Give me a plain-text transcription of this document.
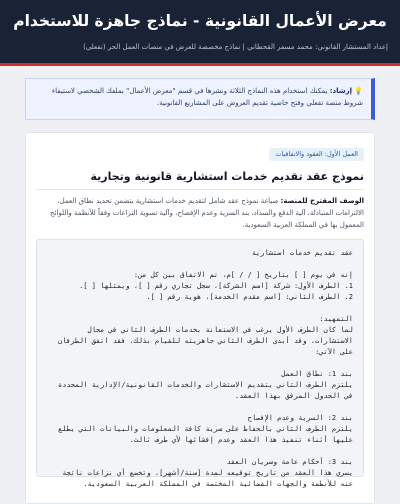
معرض الأعمال القانونية - نماذج جاهزة للاستخدام
إعداد المستشار القانوني: محمد مسفر القحطاني | نماذج مخصصة للعرض في منصات العمل الحر (تفعلي)
💡 إرشاد: يمكنك استخدام هذه النماذج الثلاثة ونشرها في قسم "معرض الأعمال" بملفك الشخصي لاستيفاء شروط منصة تفعلي وفتح خاصية تقديم العروض على المشاريع القانونية.
العمل الأول: العقود والاتفاقيات
نموذج عقد تقديم خدمات استشارية قانونية وتجارية
الوصف المقترح للمنصة: صياغة نموذج عقد شامل لتقديم خدمات استشارية يتضمن تحديد نطاق العمل، الالتزامات المتبادلة، آلية الدفع والسداد، بند السرية وعدم الإفصاح، وآلية تسوية النزاعات وفقاً للأنظمة واللوائح المعمول بها في المملكة العربية السعودية.
عقد تقديم خدمات استشارية

إنه في يوم [ ] بتاريخ [ / / ]م، تم الاتفاق بين كل من:
1. الطرف الأول: شركة [اسم الشركة]، سجل تجاري رقم [ ]، ويمثلها [ ].
2. الطرف الثاني: [اسم مقدم الخدمة]، هوية رقم [ ].

التمهيد:
لما كان الطرف الأول يرغب في الاستعانة بخدمات الطرف الثاني في مجال الاستشارات، وقد أبدى الطرف الثاني جاهزيته للقيام بذلك، فقد اتفق الطرفان على الآتي:

بند 1: نطاق العمل
يلتزم الطرف الثاني بتقديم الاستشارات والخدمات القانونية/الإدارية المحددة في الجدول المرفق بهذا العقد.

بند 2: السرية وعدم الإفصاح
يلتزم الطرف الثاني بالحفاظ على سرية كافة المعلومات والبيانات التي يطلع عليها أثناء تنفيذ هذا العقد وعدم إفشائها لأي طرف ثالث.

بند 3: أحكام عامة وسريان العقد
يسري هذا العقد من تاريخ توقيعه لمدة [سنة/أشهر]، وتخضع أي نزاعات ناتجة عنه للأنظمة والجهات القضائية المختصة في المملكة العربية السعودية.
